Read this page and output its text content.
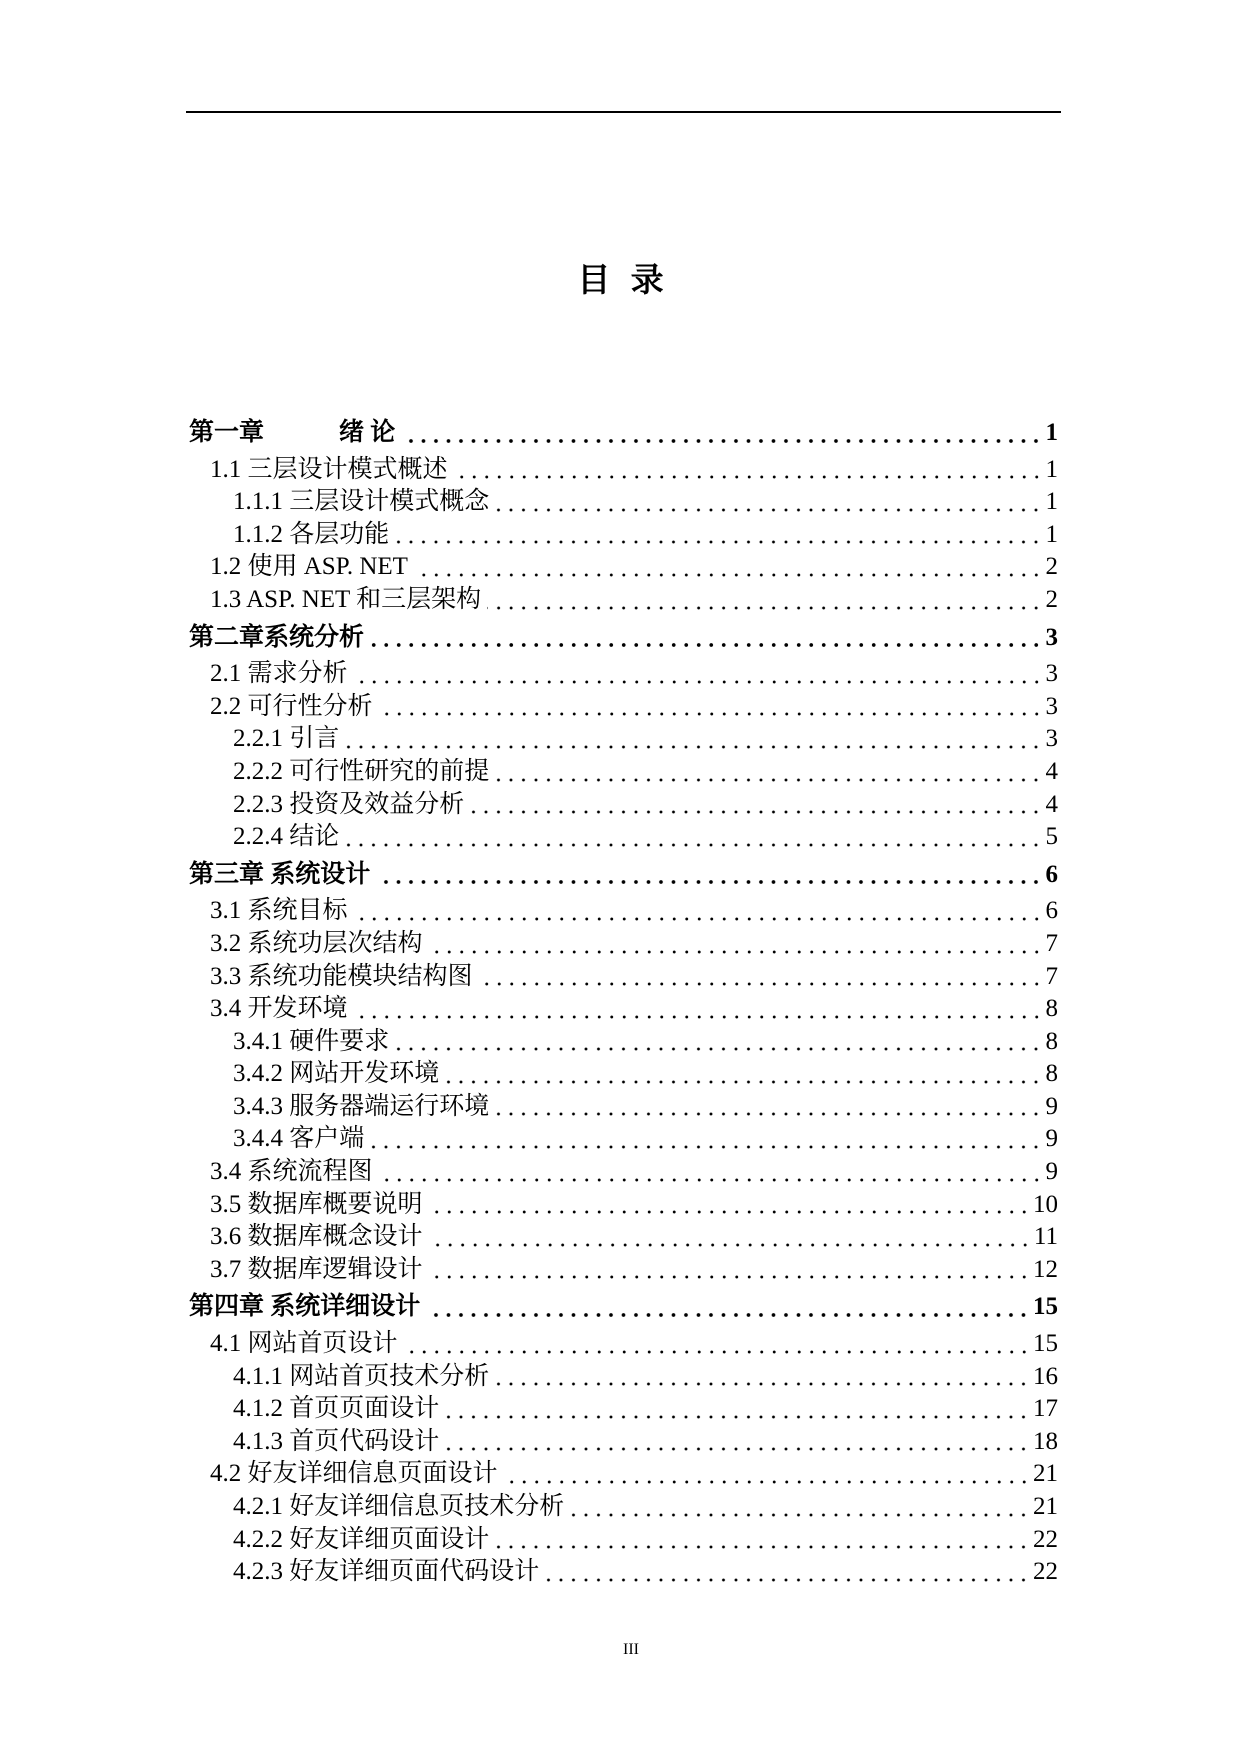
目 录
第一章　　　绪 论	1
1.1 三层设计模式概述	1
1.1.1 三层设计模式概念	1
1.1.2 各层功能	1
1.2 使用 ASP. NET	2
1.3 ASP. NET 和三层架构	2
第二章系统分析	3
2.1 需求分析	3
2.2 可行性分析	3
2.2.1 引言	3
2.2.2 可行性研究的前提	4
2.2.3 投资及效益分析	4
2.2.4 结论	5
第三章 系统设计	6
3.1 系统目标	6
3.2 系统功层次结构	7
3.3 系统功能模块结构图	7
3.4 开发环境	8
3.4.1 硬件要求	8
3.4.2 网站开发环境	8
3.4.3 服务器端运行环境	9
3.4.4 客户端	9
3.4 系统流程图	9
3.5 数据库概要说明	10
3.6 数据库概念设计	11
3.7 数据库逻辑设计	12
第四章 系统详细设计	15
4.1 网站首页设计	15
4.1.1 网站首页技术分析	16
4.1.2 首页页面设计	17
4.1.3 首页代码设计	18
4.2 好友详细信息页面设计	21
4.2.1 好友详细信息页技术分析	21
4.2.2 好友详细页面设计	22
4.2.3 好友详细页面代码设计	22
III
